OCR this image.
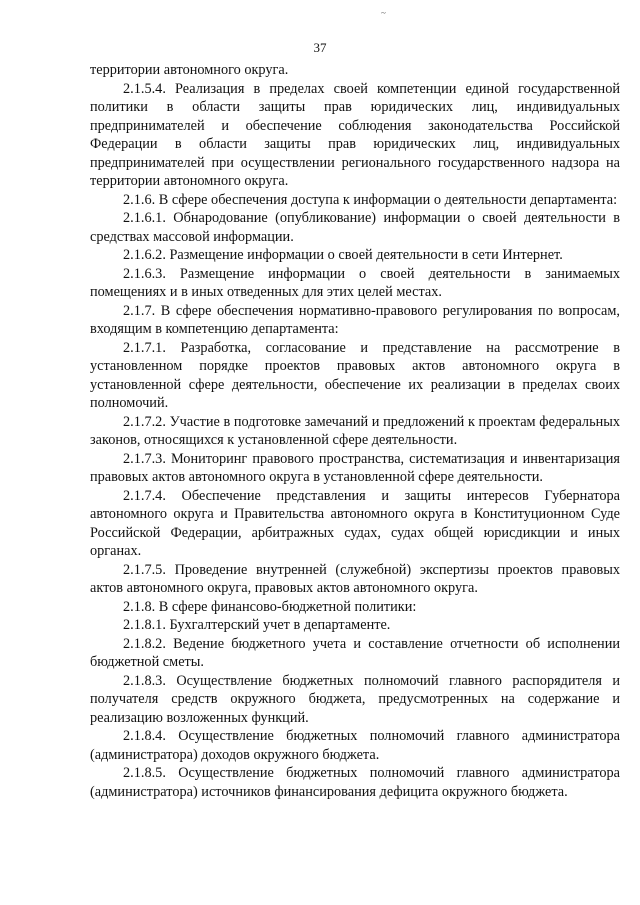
~
37

территории автономного округа.

2.1.5.4. Реализация в пределах своей компетенции единой государственной политики в области защиты прав юридических лиц, индивидуальных предпринимателей и обеспечение соблюдения законодательства Российской Федерации в области защиты прав юридических лиц, индивидуальных предпринимателей при осуществлении регионального государственного надзора на территории автономного округа.

2.1.6. В сфере обеспечения доступа к информации о деятельности департамента:

2.1.6.1. Обнародование (опубликование) информации о своей деятельности в средствах массовой информации.

2.1.6.2. Размещение информации о своей деятельности в сети Интернет.

2.1.6.3. Размещение информации о своей деятельности в занимаемых помещениях и в иных отведенных для этих целей местах.

2.1.7. В сфере обеспечения нормативно-правового регулирования по вопросам, входящим в компетенцию департамента:

2.1.7.1. Разработка, согласование и представление на рассмотрение в установленном порядке проектов правовых актов автономного округа в установленной сфере деятельности, обеспечение их реализации в пределах своих полномочий.

2.1.7.2. Участие в подготовке замечаний и предложений к проектам федеральных законов, относящихся к установленной сфере деятельности.

2.1.7.3. Мониторинг правового пространства, систематизация и инвентаризация правовых актов автономного округа в установленной сфере деятельности.

2.1.7.4. Обеспечение представления и защиты интересов Губернатора автономного округа и Правительства автономного округа в Конституционном Суде Российской Федерации, арбитражных судах, судах общей юрисдикции и иных органах.

2.1.7.5. Проведение внутренней (служебной) экспертизы проектов правовых актов автономного округа, правовых актов автономного округа.

2.1.8. В сфере финансово-бюджетной политики:

2.1.8.1. Бухгалтерский учет в департаменте.

2.1.8.2. Ведение бюджетного учета и составление отчетности об исполнении бюджетной сметы.

2.1.8.3. Осуществление бюджетных полномочий главного распорядителя и получателя средств окружного бюджета, предусмотренных на содержание и реализацию возложенных функций.

2.1.8.4. Осуществление бюджетных полномочий главного администратора (администратора) доходов окружного бюджета.

2.1.8.5. Осуществление бюджетных полномочий главного администратора (администратора) источников финансирования дефицита окружного бюджета.
